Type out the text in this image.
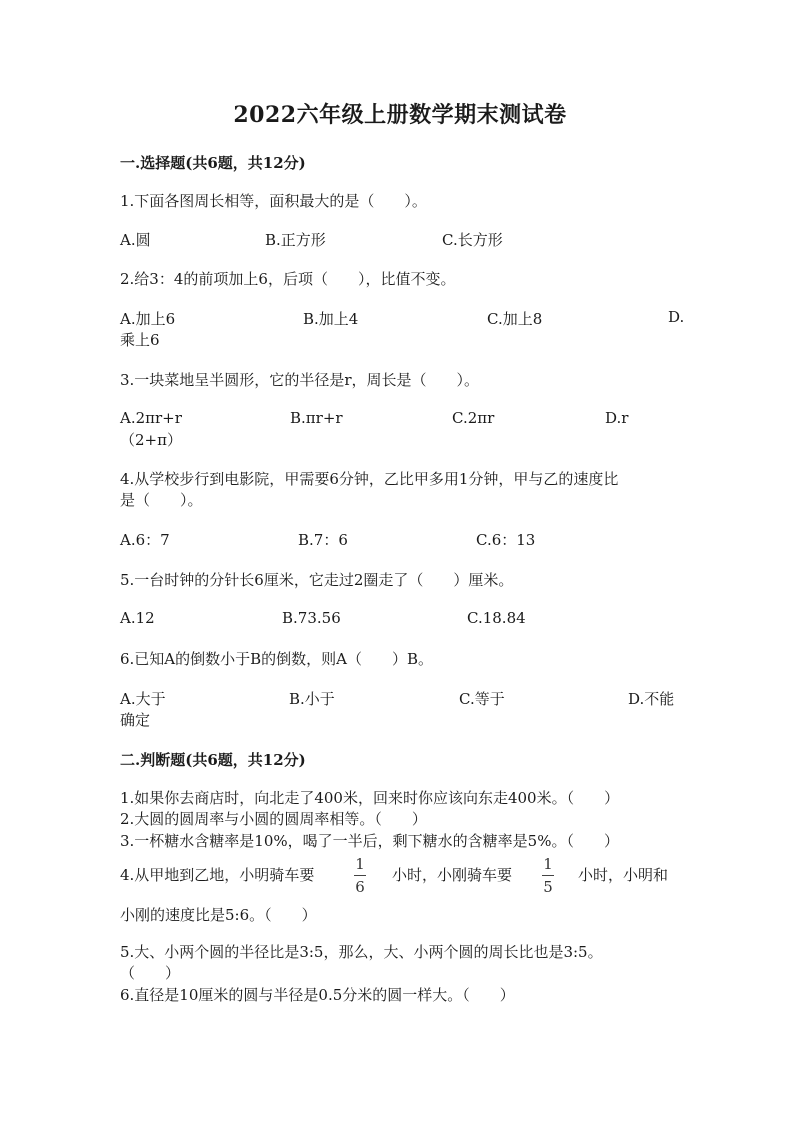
2022六年级上册数学期末测试卷
一.选择题(共6题，共12分)
1.下面各图周长相等，面积最大的是（　　）。
A.圆	B.正方形	C.长方形
2.给3：4的前项加上6，后项（　　），比值不变。
A.加上6	B.加上4	C.加上8	D.
乘上6
3.一块菜地呈半圆形，它的半径是r，周长是（　　）。
A.2πr+r	B.πr+r	C.2πr	D.r
（2+π）
4.从学校步行到电影院，甲需要6分钟，乙比甲多用1分钟，甲与乙的速度比
是（　　）。
A.6：7	B.7：6	C.6：13
5.一台时钟的分针长6厘米，它走过2圈走了（　　）厘米。
A.12	B.73.56	C.18.84
6.已知A的倒数小于B的倒数，则A（　　）B。
A.大于	B.小于	C.等于	D.不能
确定
二.判断题(共6题，共12分)
1.如果你去商店时，向北走了400米，回来时你应该向东走400米。（　　）
2.大圆的圆周率与小圆的圆周率相等。（　　）
3.一杯糖水含糖率是10%，喝了一半后，剩下糖水的含糖率是5%。（　　）
4.从甲地到乙地，小明骑车要
1
6
小时，小刚骑车要
1
5
小时，小明和
小刚的速度比是5:6。（　　）
5.大、小两个圆的半径比是3:5，那么，大、小两个圆的周长比也是3:5。
（　　）
6.直径是10厘米的圆与半径是0.5分米的圆一样大。（　　）
